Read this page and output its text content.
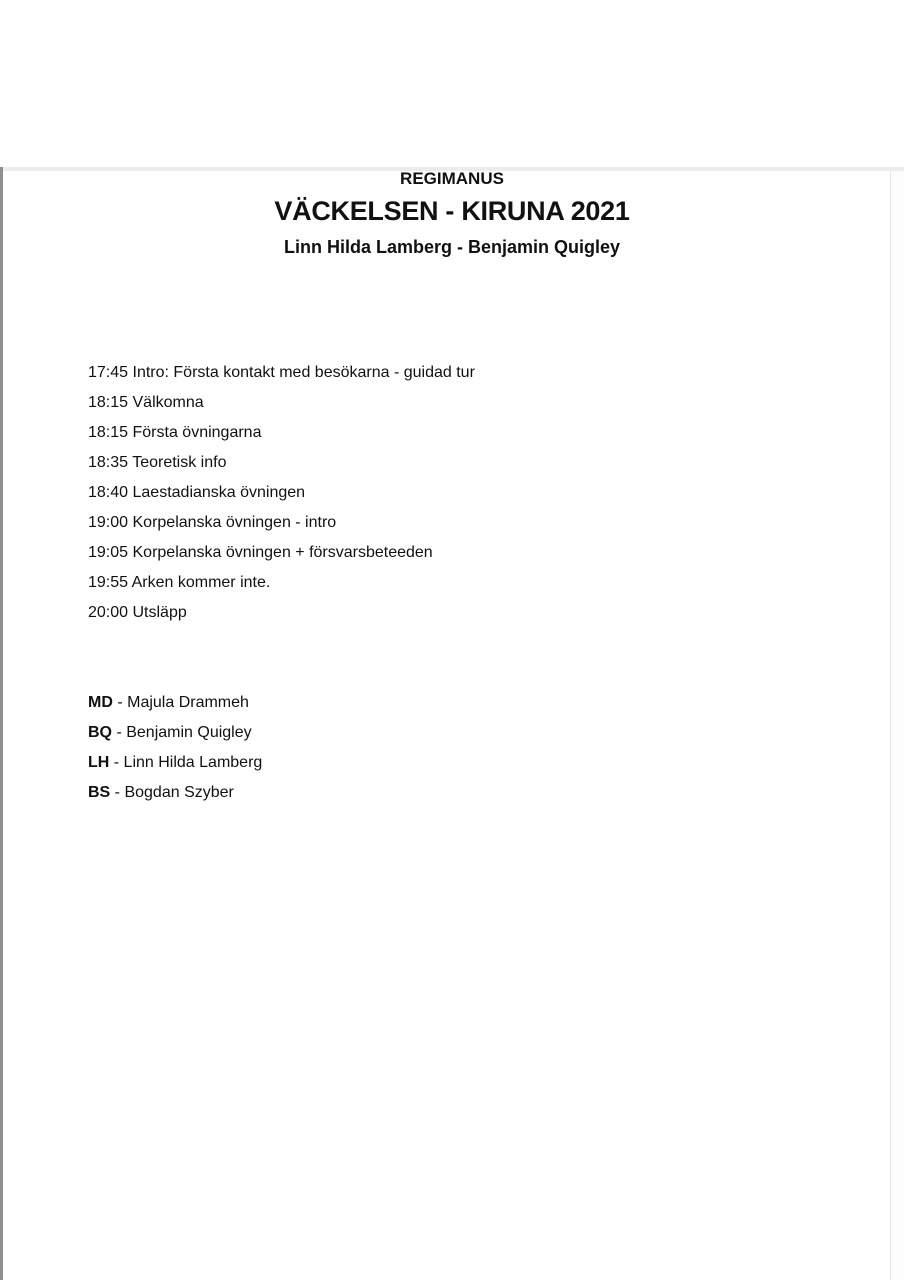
REGIMANUS
VÄCKELSEN - KIRUNA 2021
Linn Hilda Lamberg - Benjamin Quigley
17:45 Intro: Första kontakt med besökarna - guidad tur
18:15 Välkomna
18:15 Första övningarna
18:35 Teoretisk info
18:40 Laestadianska övningen
19:00 Korpelanska övningen - intro
19:05 Korpelanska övningen + försvarsbeteeden
19:55 Arken kommer inte.
20:00 Utsläpp
MD - Majula Drammeh
BQ - Benjamin Quigley
LH - Linn Hilda Lamberg
BS - Bogdan Szyber
